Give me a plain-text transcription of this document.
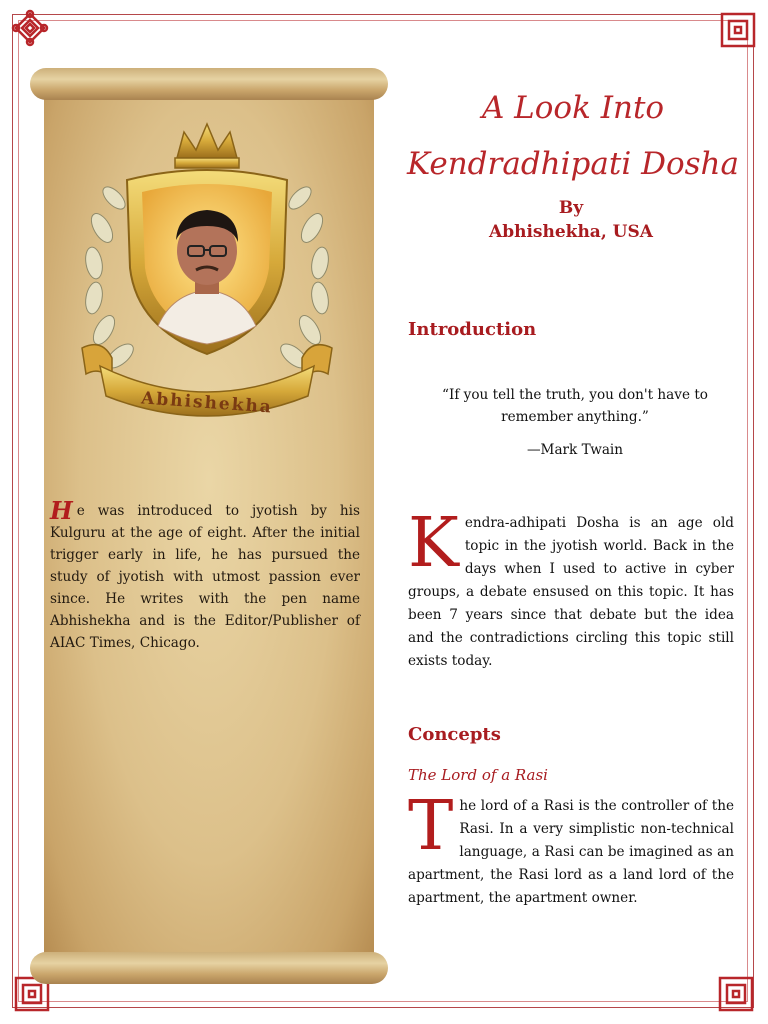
Abhishekha
He was introduced to jyotish by his Kulguru at the age of eight. After the initial trigger early in life, he has pursued the study of jyotish with utmost passion ever since. He writes with the pen name Abhishekha and is the Editor/Publisher of AIAC Times, Chicago.
A Look Into
Kendradhipati Dosha
By
Abhishekha, USA
Introduction
“If you tell the truth, you don't have to remember anything.”
—Mark Twain
Kendra-adhipati Dosha is an age old topic in the jyotish world. Back in the days when I used to active in cyber groups, a debate ensused on this topic. It has been 7 years since that debate but the idea and the contradictions circling this topic still exists today.
Concepts
The Lord of a Rasi
The lord of a Rasi is the controller of the Rasi. In a very simplistic non-technical language, a Rasi can be imagined as an apartment, the Rasi lord as a land lord of the apartment, the apartment owner.
